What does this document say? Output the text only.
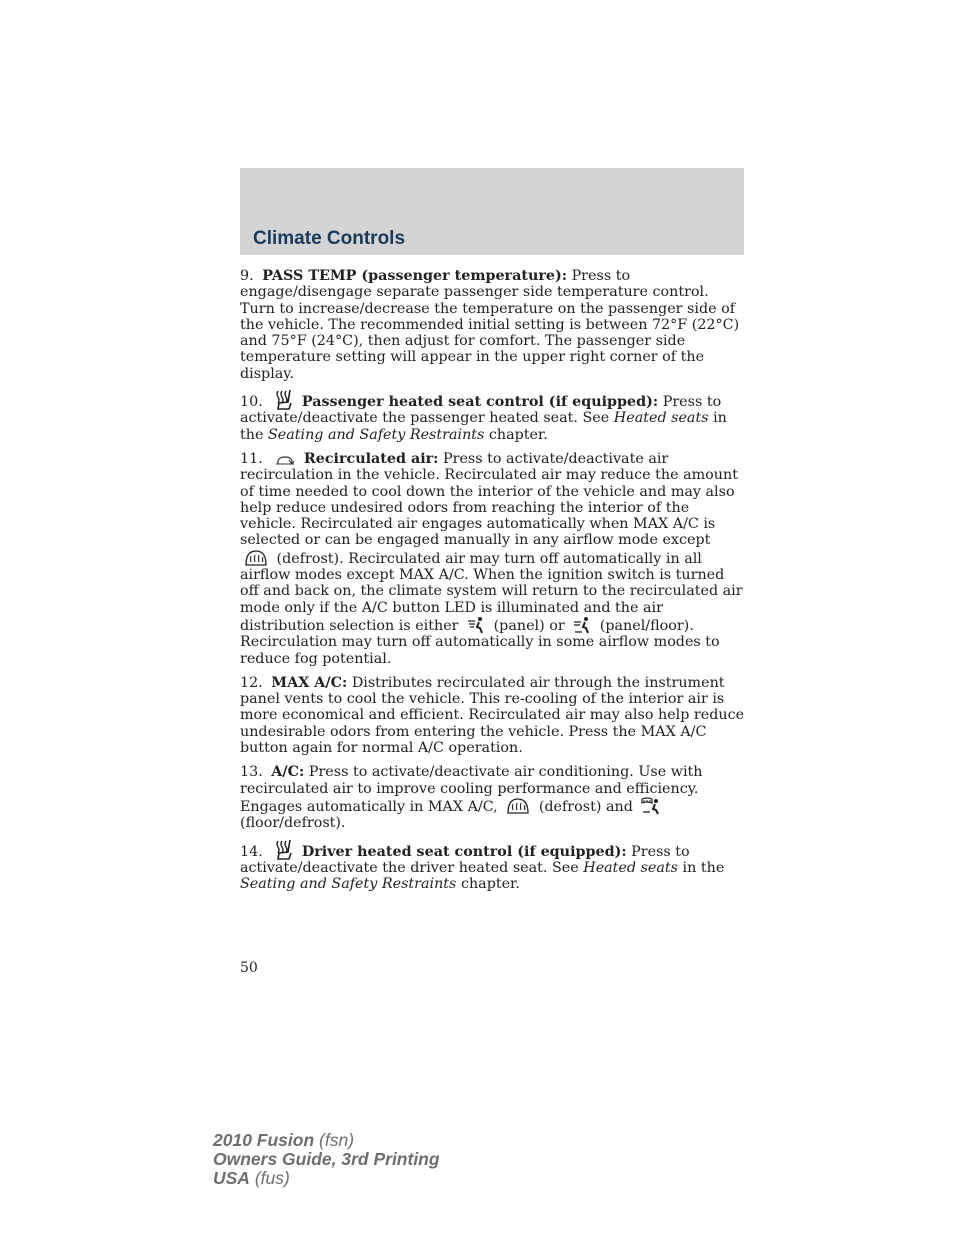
Climate Controls

9. PASS TEMP (passenger temperature): Press to engage/disengage separate passenger side temperature control. Turn to increase/decrease the temperature on the passenger side of the vehicle. The recommended initial setting is between 72°F (22°C) and 75°F (24°C), then adjust for comfort. The passenger side temperature setting will appear in the upper right corner of the display.

10.	Passenger heated seat control (if equipped): Press to activate/deactivate the passenger heated seat. See Heated seats in the Seating and Safety Restraints chapter.

11.	Recirculated air: Press to activate/deactivate air recirculation in the vehicle. Recirculated air may reduce the amount of time needed to cool down the interior of the vehicle and may also help reduce undesired odors from reaching the interior of the vehicle. Recirculated air engages automatically when MAX A/C is selected or can be engaged manually in any airflow mode except
(defrost). Recirculated air may turn off automatically in all airflow modes except MAX A/C. When the ignition switch is turned off and back on, the climate system will return to the recirculated air mode only if the A/C button LED is illuminated and the air distribution selection is either (panel) or (panel/floor). Recirculation may turn off automatically in some airflow modes to reduce fog potential.

12. MAX A/C: Distributes recirculated air through the instrument panel vents to cool the vehicle. This re-cooling of the interior air is more economical and efficient. Recirculated air may also help reduce undesirable odors from entering the vehicle. Press the MAX A/C button again for normal A/C operation.

13. A/C: Press to activate/deactivate air conditioning. Use with recirculated air to improve cooling performance and efficiency. Engages automatically in MAX A/C,	(defrost) and
(floor/defrost).

14.	Driver heated seat control (if equipped): Press to activate/deactivate the driver heated seat. See Heated seats in the Seating and Safety Restraints chapter.

50
2010 Fusion (fsn)
Owners Guide, 3rd Printing
USA (fus)
